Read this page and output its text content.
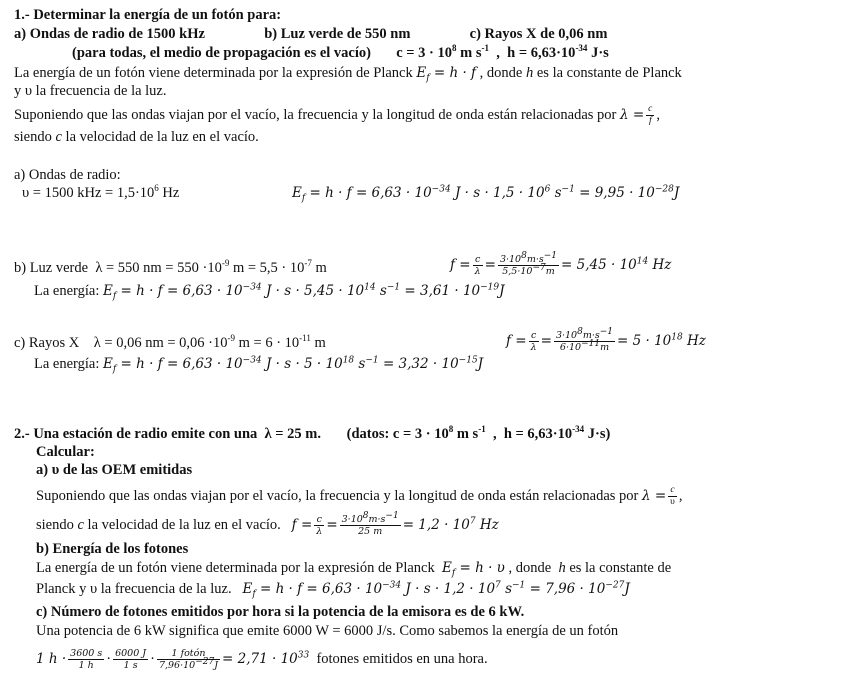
1.- Determinar la energía de un fotón para:
a) Ondas de radio de 1500 kHz	b) Luz verde de 550 nm	c) Rayos X de 0,06 nm
(para todas, el medio de propagación es el vacío) $c = 3 \cdot 10^8$ m $s^{-1}$  ,  $h = 6,63\cdot 10^{-34}$ J·s
La energía de un fotón viene determinada por la expresión de Planck $E_f = h \cdot f$ , donde h es la constante de Planck
y υ la frecuencia de la luz.
Suponiendo que las ondas viajan por el vacío, la frecuencia y la longitud de onda están relacionadas por $\lambda = \frac{c}{f}$ ,
siendo c la velocidad de la luz en el vacío.
a) Ondas de radio:
υ = 1500 kHz = $1,5\cdot 10^6$ Hz	$E_f = h \cdot f = 6,63 \cdot 10^{-34}$ $J \cdot s \cdot 1,5 \cdot 10^6$ $s^{-1} = 9,95 \cdot 10^{-28}J$
b) Luz verde  λ = 550 nm = $550 \cdot 10^{-9}$ $m = 5,5 \cdot 10^{-7}$ m	$f = \frac{c}{\lambda} = \frac{3\cdot 10^8m\cdot s^{-1}}{5,5\cdot 10^{-7}m} = 5,45 \cdot 10^{14}$ Hz
La energía: $E_f = h \cdot f = 6,63 \cdot 10^{-34}$ $J \cdot s \cdot 5,45 \cdot 10^{14}$ $s^{-1} = 3,61 \cdot 10^{-19}J$
c) Rayos X    λ = 0,06 nm = $0,06 \cdot 10^{-9}$ $m = 6 \cdot 10^{-11}$ m	$f = \frac{c}{\lambda} = \frac{3\cdot 10^8m\cdot s^{-1}}{6\cdot 10^{-11}m} = 5 \cdot 10^{18}$ Hz
La energía: $E_f = h \cdot f = 6,63 \cdot 10^{-34}$ $J \cdot s \cdot 5 \cdot 10^{18}$ $s^{-1} = 3,32 \cdot 10^{-15}J$
2.- Una estación de radio emite con una  λ = 25 m. (datos: $c = 3 \cdot 10^8$ m $s^{-1}$  ,  $h = 6,63\cdot 10^{-34}$ J·s)
Calcular:
a) υ de las OEM emitidas
Suponiendo que las ondas viajan por el vacío, la frecuencia y la longitud de onda están relacionadas por $\lambda = \frac{c}{\upsilon}$ ,
siendo c la velocidad de la luz en el vacío.   $f = \frac{c}{\lambda} = \frac{3\cdot 10^8m\cdot s^{-1}}{25 m} = 1,2 \cdot 10^7$ Hz
b) Energía de los fotones
La energía de un fotón viene determinada por la expresión de Planck  $E_f = h \cdot \upsilon$ , donde  h es la constante de
Planck y υ la frecuencia de la luz.   $E_f = h \cdot f = 6,63 \cdot 10^{-34}$ $J \cdot s \cdot 1,2 \cdot 10^7$ $s^{-1} = 7,96 \cdot 10^{-27}J$
c) Número de fotones emitidos por hora si la potencia de la emisora es de 6 kW.
Una potencia de 6 kW significa que emite 6000 W = 6000 J/s. Como sabemos la energía de un fotón
1 $h \cdot \frac{3600 s}{1 h} \cdot \frac{6000 J}{1 s}$ ·	1 fotón
$7,96\cdot 10^{-27}J = 2,71 \cdot 10^{33}$  fotones emitidos en una hora.
